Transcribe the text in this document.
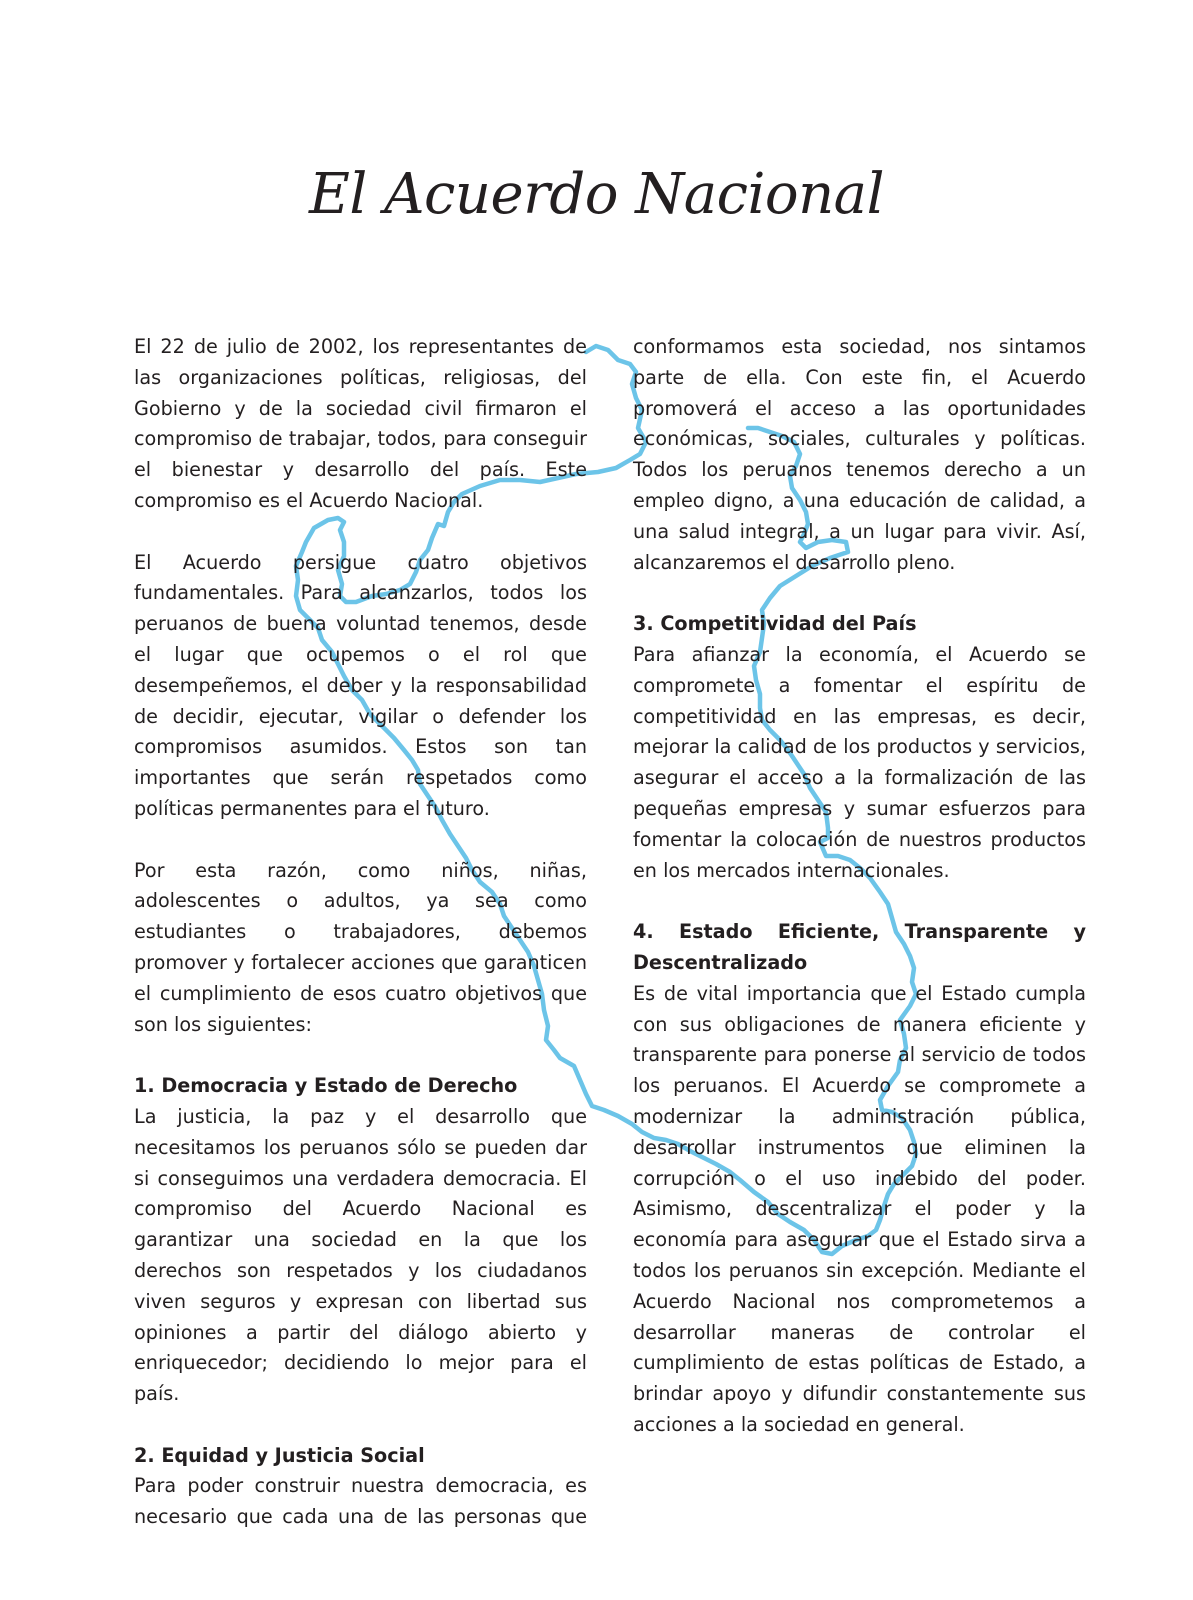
El Acuerdo Nacional

El 22 de julio de 2002, los representantes de las organizaciones políticas, religiosas, del Gobierno y de la sociedad civil firmaron el compromiso de trabajar, todos, para conseguir el bienestar y desarrollo del país. Este compromiso es el Acuerdo Nacional.

El Acuerdo persigue cuatro objetivos fundamentales. Para alcanzarlos, todos los peruanos de buena voluntad tenemos, desde el lugar que ocupemos o el rol que desempeñemos, el deber y la responsabilidad de decidir, ejecutar, vigilar o defender los compromisos asumidos. Estos son tan importantes que serán respetados como políticas permanentes para el futuro.

Por esta razón, como niños, niñas, adolescentes o adultos, ya sea como estudiantes o trabajadores, debemos promover y fortalecer acciones que garanticen el cumplimiento de esos cuatro objetivos que son los siguientes:

1. Democracia y Estado de Derecho

La justicia, la paz y el desarrollo que necesitamos los peruanos sólo se pueden dar si conseguimos una verdadera democracia. El compromiso del Acuerdo Nacional es garantizar una sociedad en la que los derechos son respetados y los ciudadanos viven seguros y expresan con libertad sus opiniones a partir del diálogo abierto y enriquecedor; decidiendo lo mejor para el país.

2. Equidad y Justicia Social

Para poder construir nuestra democracia, es necesario que cada una de las personas que

conformamos esta sociedad, nos sintamos parte de ella. Con este fin, el Acuerdo promoverá el acceso a las oportunidades económicas, sociales, culturales y políticas. Todos los peruanos tenemos derecho a un empleo digno, a una educación de calidad, a una salud integral, a un lugar para vivir. Así, alcanzaremos el desarrollo pleno.

3. Competitividad del País

Para afianzar la economía, el Acuerdo se compromete a fomentar el espíritu de competitividad en las empresas, es decir, mejorar la calidad de los productos y servicios, asegurar el acceso a la formalización de las pequeñas empresas y sumar esfuerzos para fomentar la colocación de nuestros productos en los mercados internacionales.

4. Estado Eficiente, Transparente y Descentralizado

Es de vital importancia que el Estado cumpla con sus obligaciones de manera eficiente y transparente para ponerse al servicio de todos los peruanos. El Acuerdo se compromete a modernizar la administración pública, desarrollar instrumentos que eliminen la corrupción o el uso indebido del poder. Asimismo, descentralizar el poder y la economía para asegurar que el Estado sirva a todos los peruanos sin excepción. Mediante el Acuerdo Nacional nos comprometemos a desarrollar maneras de controlar el cumplimiento de estas políticas de Estado, a brindar apoyo y difundir constantemente sus acciones a la sociedad en general.
